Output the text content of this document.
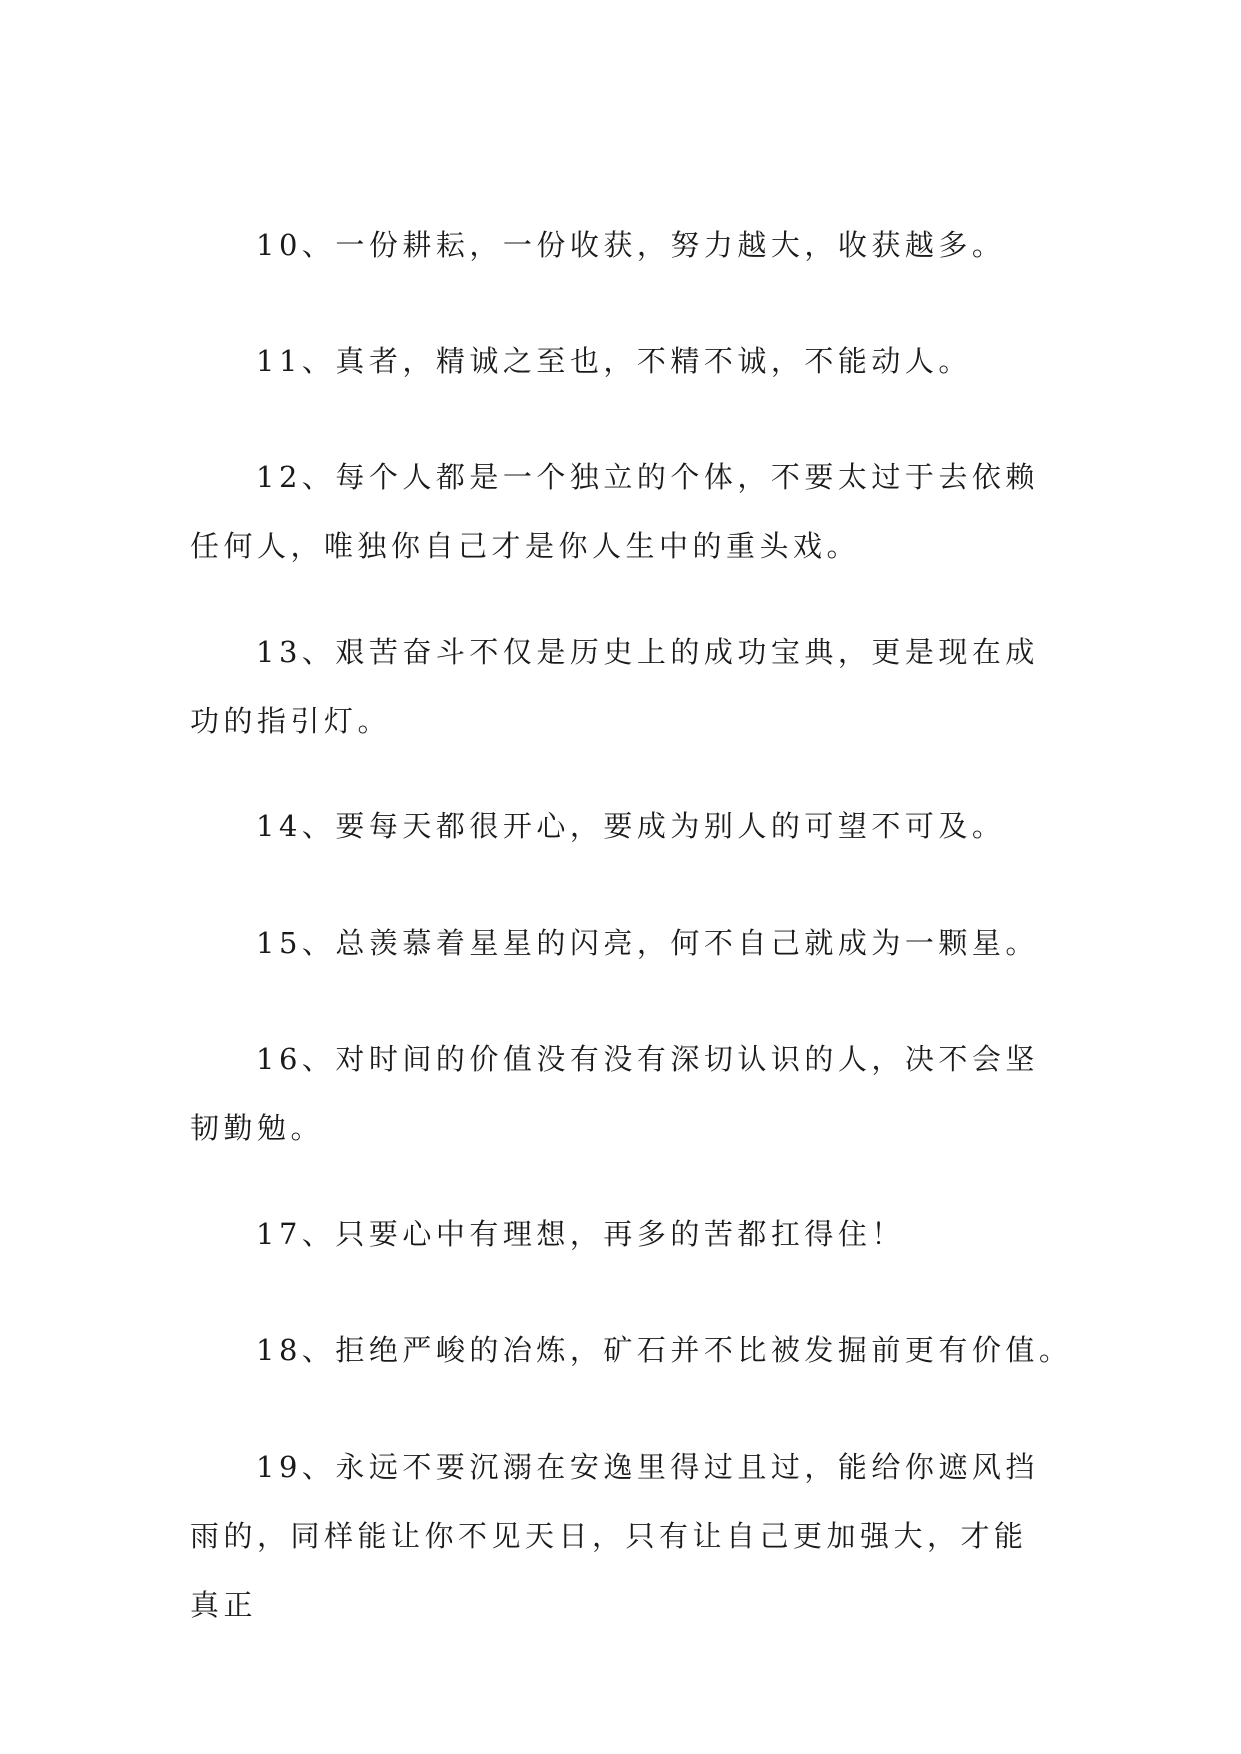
10、一份耕耘，一份收获，努力越大，收获越多。

11、真者，精诚之至也，不精不诚，不能动人。

12、每个人都是一个独立的个体，不要太过于去依赖任何人，唯独你自己才是你人生中的重头戏。

13、艰苦奋斗不仅是历史上的成功宝典，更是现在成功的指引灯。

14、要每天都很开心，要成为别人的可望不可及。

15、总羡慕着星星的闪亮，何不自己就成为一颗星。

16、对时间的价值没有没有深切认识的人，决不会坚韧勤勉。

17、只要心中有理想，再多的苦都扛得住！

18、拒绝严峻的冶炼，矿石并不比被发掘前更有价值。

19、永远不要沉溺在安逸里得过且过，能给你遮风挡雨的，同样能让你不见天日，只有让自己更加强大，才能真正
